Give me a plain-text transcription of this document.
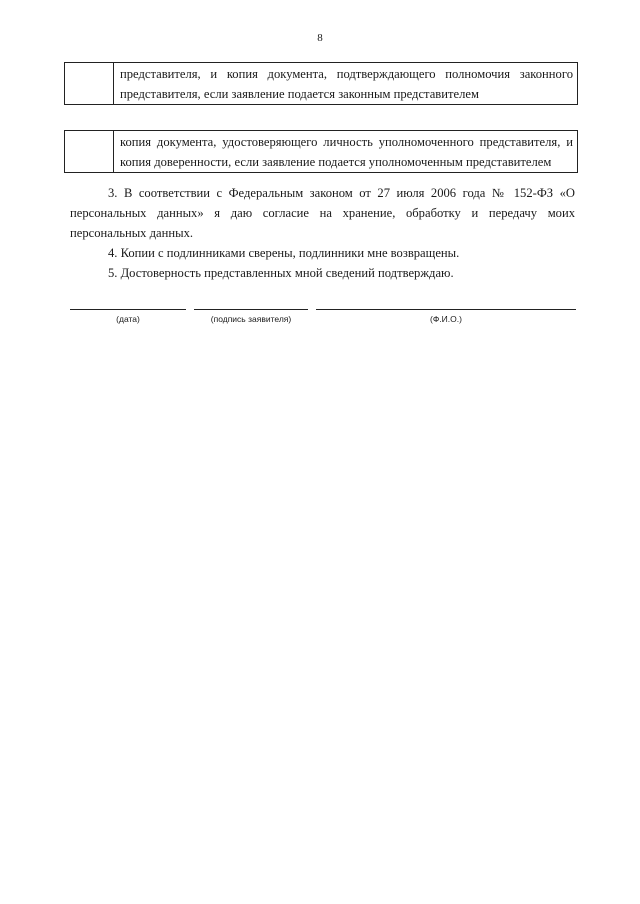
8
	представителя, и копия документа, подтверждающего полномочия законного представителя, если заявление подается законным представителем
	копия документа, удостоверяющего личность уполномоченного представителя, и копия доверенности, если заявление подается уполномоченным представителем

3. В соответствии с Федеральным законом от 27 июля 2006 года № 152-ФЗ «О персональных данных» я даю согласие на хранение, обработку и передачу моих персональных данных.

4. Копии с подлинниками сверены, подлинники мне возвращены.

5. Достоверность представленных мной сведений подтверждаю.

(дата)	(подпись заявителя)	(Ф.И.О.)
